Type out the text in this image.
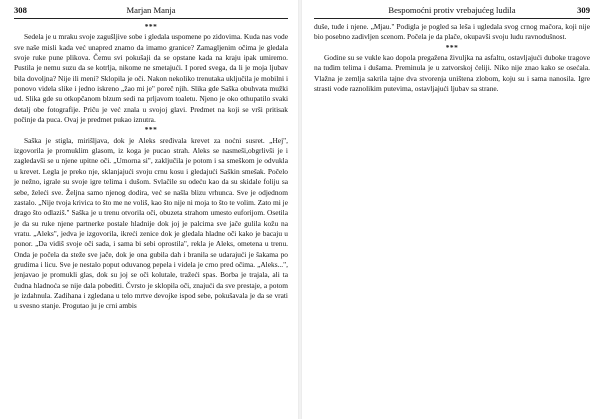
308	Marjan Manja
***

Sedela je u mraku svoje zagušljive sobe i gledala uspomene po zidovima. Kuda nas vode sve naše misli kada već unapred znamo da imamo granice? Zamagljenim očima je gledala svoje ruke pune plikova. Čemu svi pokušaji da se opstane kada na kraju ipak umiremo. Pustila je nemu suzu da se kotrlja, nikome ne smetajući. I pored svega, da li je moja ljubav bila dovoljna? Nije ili meni? Sklopila je oči. Nakon nekoliko trenutaka uključila je mobilni i ponovo videla slike i jedno iskreno „žao mi je" poreč njih. Slika gde Saška obuhvata mužki ud. Slika gde su otkopčanom blzum sedi na prljavom toaletu. Njeno je oko othupatilo svaki detalj obe fotografije. Priču je već znala u svojoj glavi. Predmet na koji se vrši pritisak počinje da puca. Ovaj je predmet pukao iznutra.

***

Saška je stigla, mirišljava, dok je Aleks sređivala krevet za noćni susret. „Hej", izgovorila je promuklim glasom, iz koga je pucao strah. Aleks se nasmeši,obgrlivši je i zagledavši se u njene upitne oči. „Umorna si", zaključila je potom i sa smeškom je odvukla u krevet. Legla je preko nje, sklanjajući svoju crnu kosu i gledajući Saškin smešak. Počelo je nežno, igrale su svoje igre telima i dušom. Svlačile su odeću kao da su skidale foliju sa sebe, želeći sve. Željna samo njenog dodira, već se našla blizu vrhunca. Sve je odjednom zastalo. „Nije tvoja krivica to što me ne voliš, kao što nije ni moja to što te volim. Zato mi je drago što odlaziš." Saška je u trenu otvorila oči, obuzeta strahom umesto euforijom. Osetila je da su ruke njene partnerke postale hladnije dok joj je palcima sve jače gulila kožu na vratu. „Aleks", jedva je izgovorila, ikreći zenice dok je gledala hladne oči kako je bacaju u ponor. „Da vidiš svoje oči sada, i sama bi sebi oprostila", rekla je Aleks, ometena u trenu. Onda je počela da steže sve jače, dok je ona gubila dah i branila se udarajući je šakama po grudima i licu. Sve je nestalo poput oduvanog pepela i videla je crno pred očima. „Aleks...", jenjavao je promukli glas, dok su joj se oči kolutale, tražeći spas. Borba je trajala, ali ta čudna hladnoća se nije dala pobediti. Čvrsto je sklopila oči, znajući da sve prestaje, a potom je izdahnula. Zadihana i zgledana u telo mrtve devojke ispod sebe, pokušavala je da se vrati u svesno stanje. Progutao ju je crni ambis

Bespomoćni protiv vrebajućeg ludila	309

duše, tuđe i njene. „Mjau." Podigla je pogled sa leša i ugledala svog crnog mačora, koji nije bio posebno zadivljen scenom. Počela je da plače, okupavši svoju ludu ravnodušnost.

***

Godine su se vukle kao dopola pregažena živuljka na asfaltu, ostavljajući duboke tragove na tuđim telima i dušama. Preminula je u zatvorskoj ćeliji. Niko nije znao kako se osećala. Vlažna je zemlja sakrila tajne dva stvorenja uništena zlobom, koju su i sama nanosila. Igre strasti vode raznolikim putevima, ostavljajući ljubav sa strane.
